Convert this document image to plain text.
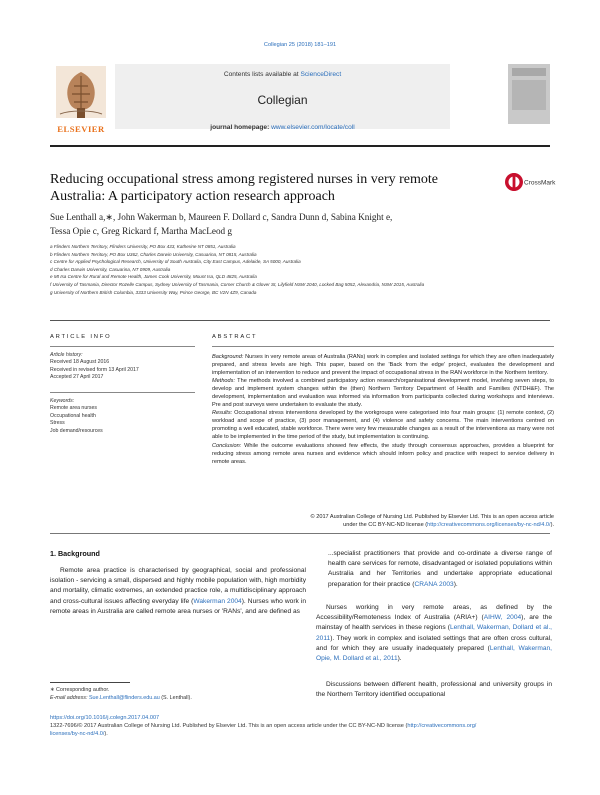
Collegian 25 (2018) 181–191
ELSEVIER
Contents lists available at ScienceDirect
Collegian
journal homepage: www.elsevier.com/locate/coll
Reducing occupational stress among registered nurses in very remote Australia: A participatory action research approach
CrossMark
Sue Lenthall a,∗, John Wakerman b, Maureen F. Dollard c, Sandra Dunn d, Sabina Knight e,
Tessa Opie c, Greg Rickard f, Martha MacLeod g
a Flinders Northern Territory, Flinders University, PO Box 433, Katherine NT 0851, Australia
b Flinders Northern Territory, PO Box U362, Charles Darwin University, Casuarina, NT 0815, Australia
c Centre for Applied Psychological Research, University of South Australia, City East Campus, Adelaide, SA 5000, Australia
d Charles Darwin University, Casuarina, NT 0909, Australia
e Mt Isa Centre for Rural and Remote Health, James Cook University, Mount Isa, QLD 4825, Australia
f University of Tasmania, Director Rozelle Campus, Sydney University of Tasmania, Corner Church & Glover St, Lilyfield NSW 2040, Locked Bag 5052, Alexandria, NSW 2015, Australia
g University of Northern British Columbia, 3333 University Way, Prince George, BC V2N 4Z9, Canada
ARTICLE INFO
Article history:
Received 18 August 2016
Received in revised form 13 April 2017
Accepted 27 April 2017
Keywords:
Remote area nurses
Occupational health
Stress
Job demand/resources
ABSTRACT
Background: Nurses in very remote areas of Australia (RANs) work in complex and isolated settings for which they are often inadequately prepared, and stress levels are high. This paper, based on the 'Back from the edge' project, evaluates the development and implementation of an intervention to reduce and prevent the impact of occupational stress in the RAN workforce in the Northern territory.
Methods: The methods involved a combined participatory action research/organisational development model, involving seven steps, to develop and implement system changes within the (then) Northern Territory Department of Health and Families (NTDH&F). The development, implementation and evaluation was informed via information from participants collected during workshops and interviews. Pre and post surveys were undertaken to evaluate the study.
Results: Occupational stress interventions developed by the workgroups were categorised into four main groups: (1) remote context, (2) workload and scope of practice, (3) poor management, and (4) violence and safety concerns. The main interventions centred on promoting a well educated, stable workforce. There were very few measurable changes as a result of the interventions as many were not able to be implemented in the time period of the study, but implementation is continuing.
Conclusion: While the outcome evaluations showed few effects, the study through consensus approaches, provides a blueprint for reducing stress among remote area nurses and evidence which should inform policy and practice with respect to service delivery in remote areas.
© 2017 Australian College of Nursing Ltd. Published by Elsevier Ltd. This is an open access article
under the CC BY-NC-ND license (http://creativecommons.org/licenses/by-nc-nd/4.0/).
1. Background
Remote area practice is characterised by geographical, social and professional isolation - servicing a small, dispersed and highly mobile population with, high morbidity and mortality, climatic extremes, an extended practice role, a multidisciplinary approach and cross-cultural issues affecting everyday life (Wakerman 2004). Nurses who work in remote areas in Australia are called remote area nurses or 'RANs', and are defined as
...specialist practitioners that provide and co-ordinate a diverse range of health care services for remote, disadvantaged or isolated populations within Australia and her Territories and undertake appropriate educational preparation for their practice (CRANA 2003).
Nurses working in very remote areas, as defined by the Accessibility/Remoteness Index of Australia (ARIA+) (AIHW, 2004), are the mainstay of health services in these regions (Lenthall, Wakerman, Dollard et al., 2011). They work in complex and isolated settings that are often cross cultural, and for which they are usually inadequately prepared (Lenthall, Wakerman, Opie, M. Dollard et al., 2011).
Discussions between different health, professional and university groups in the Northern Territory identified occupational
∗ Corresponding author.
E-mail address: Sue.Lenthall@flinders.edu.au (S. Lenthall).
https://doi.org/10.1016/j.colegn.2017.04.007
1322-7696/© 2017 Australian College of Nursing Ltd. Published by Elsevier Ltd. This is an open access article under the CC BY-NC-ND license (http://creativecommons.org/
licenses/by-nc-nd/4.0/).
